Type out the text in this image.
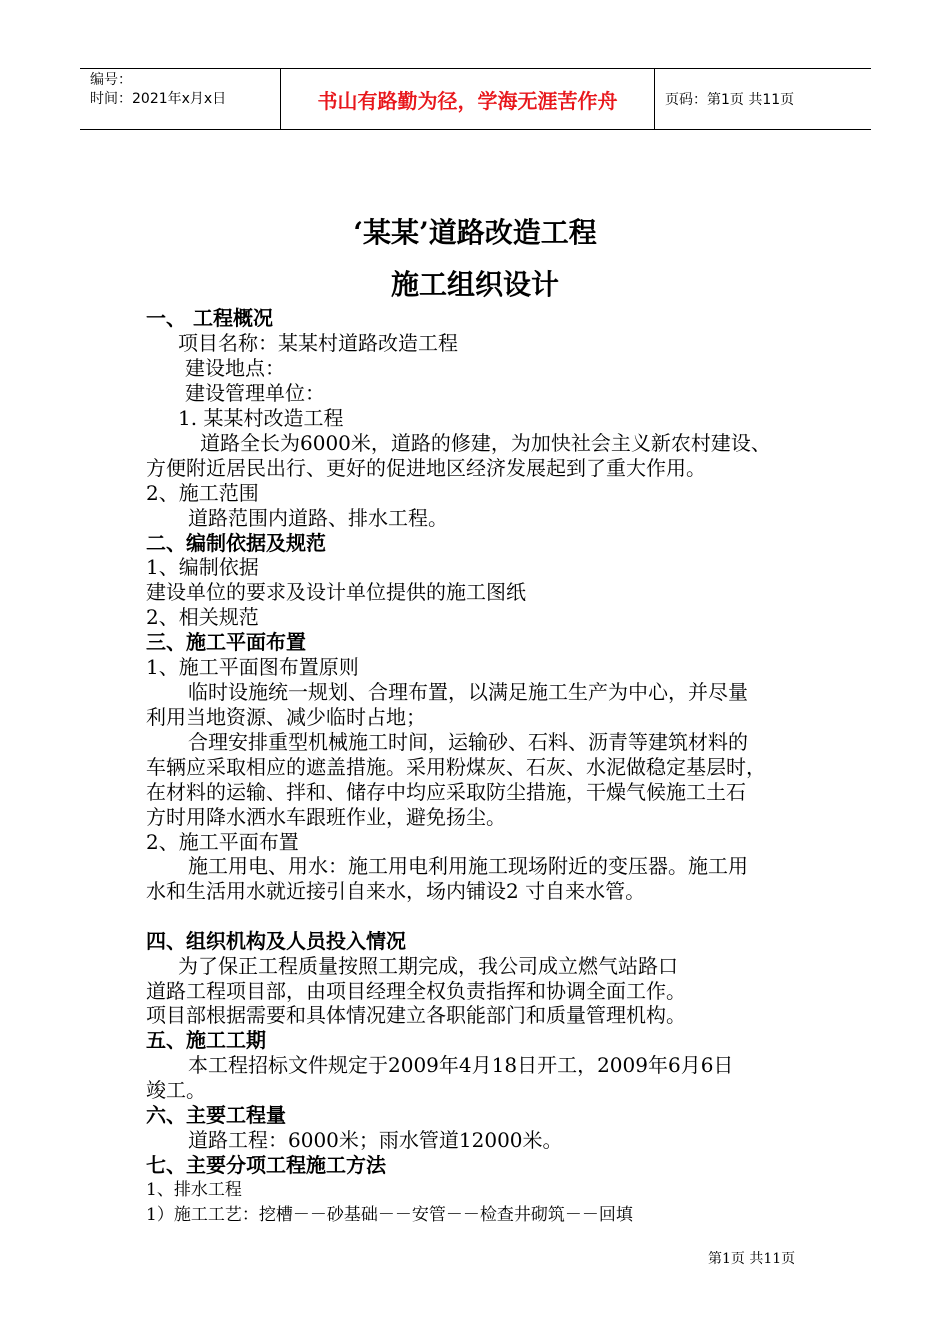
编号：
时间：2021年x月x日	书山有路勤为径，学海无涯苦作舟	页码：第1页 共11页
‘某某’道路改造工程
施工组织设计
一、 工程概况
项目名称：某某村道路改造工程
建设地点：
建设管理单位：
1. 某某村改造工程
道路全长为6000米，道路的修建，为加快社会主义新农村建设、
方便附近居民出行、更好的促进地区经济发展起到了重大作用。
2、施工范围
道路范围内道路、排水工程。
二、编制依据及规范
1、编制依据
建设单位的要求及设计单位提供的施工图纸
2、相关规范
三、施工平面布置
1、施工平面图布置原则
临时设施统一规划、合理布置，以满足施工生产为中心，并尽量
利用当地资源、减少临时占地；
合理安排重型机械施工时间，运输砂、石料、沥青等建筑材料的
车辆应采取相应的遮盖措施。采用粉煤灰、石灰、水泥做稳定基层时，
在材料的运输、拌和、储存中均应采取防尘措施，干燥气候施工土石
方时用降水洒水车跟班作业，避免扬尘。
2、施工平面布置
施工用电、用水：施工用电利用施工现场附近的变压器。施工用
水和生活用水就近接引自来水，场内铺设2 寸自来水管。
四、组织机构及人员投入情况
为了保正工程质量按照工期完成，我公司成立燃气站路口
道路工程项目部，由项目经理全权负责指挥和协调全面工作。
项目部根据需要和具体情况建立各职能部门和质量管理机构。
五、施工工期
本工程招标文件规定于2009年4月18日开工，2009年6月6日
竣工。
六、主要工程量
道路工程：6000米；雨水管道12000米。
七、主要分项工程施工方法
1、排水工程
1）施工工艺：挖槽－－砂基础－－安管－－检查井砌筑－－回填
第1页 共11页
